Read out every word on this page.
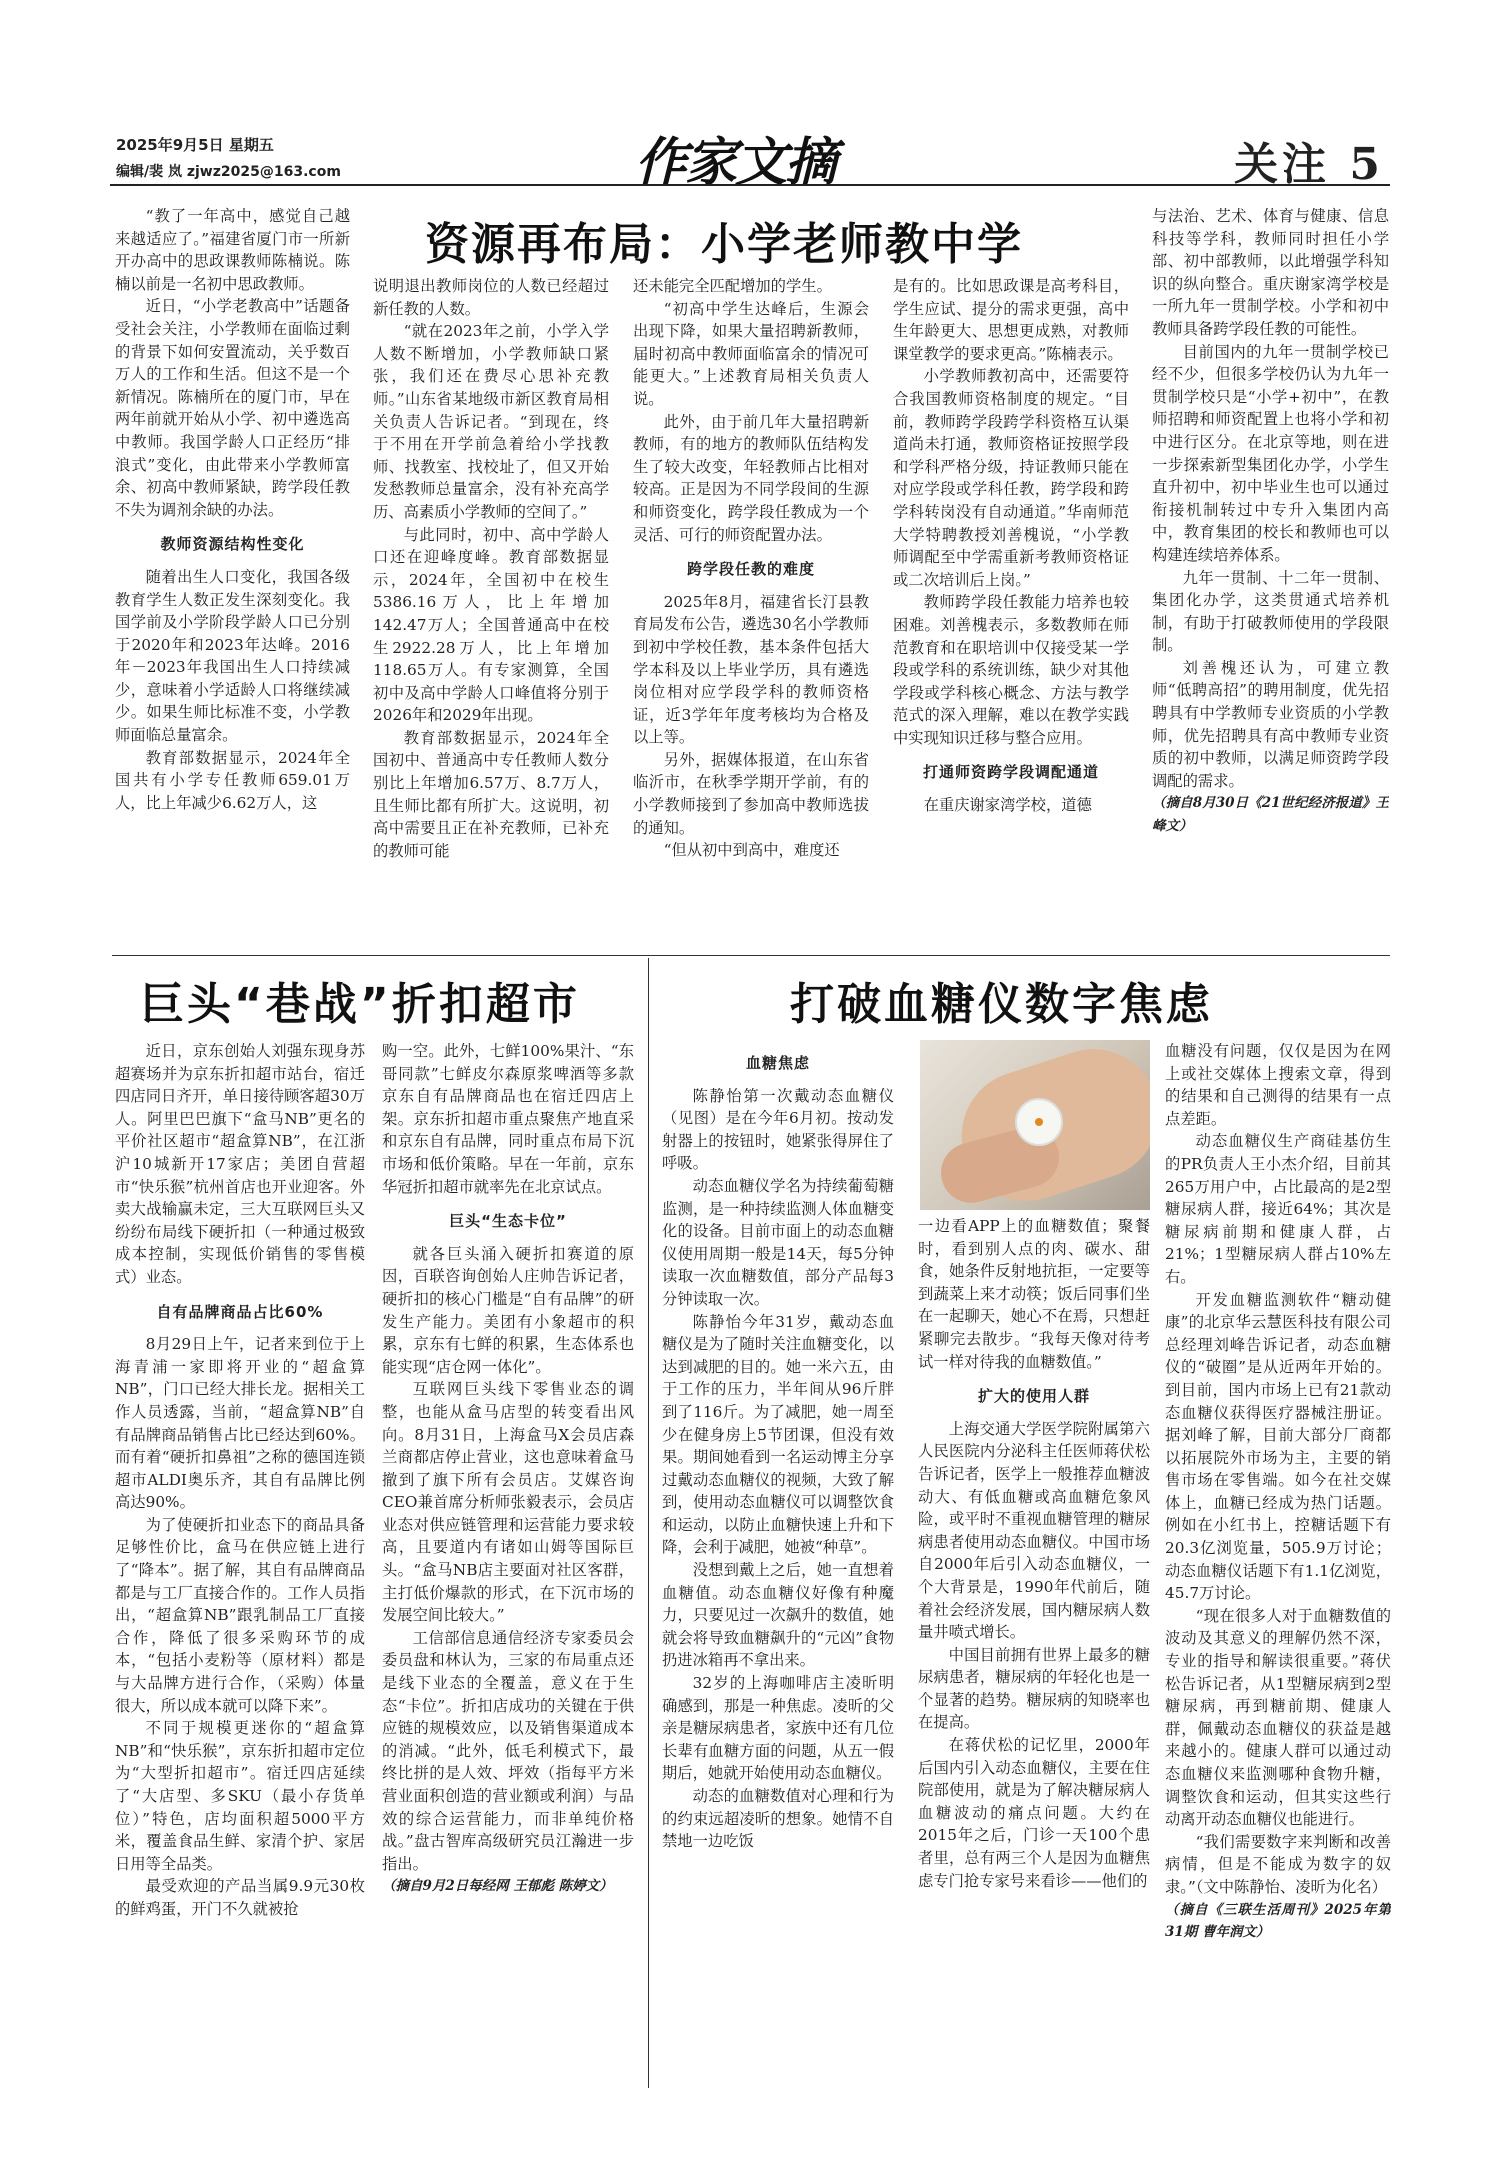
2025年9月5日 星期五
编辑/裴 岚 zjwz2025@163.com	作家文摘	关注 5
资源再布局：小学老师教中学

“教了一年高中，感觉自己越来越适应了。”福建省厦门市一所新开办高中的思政课教师陈楠说。陈楠以前是一名初中思政教师。

近日，“小学老教高中”话题备受社会关注，小学教师在面临过剩的背景下如何安置流动，关乎数百万人的工作和生活。但这不是一个新情况。陈楠所在的厦门市，早在两年前就开始从小学、初中遴选高中教师。我国学龄人口正经历“排浪式”变化，由此带来小学教师富余、初高中教师紧缺，跨学段任教不失为调剂余缺的办法。

教师资源结构性变化

随着出生人口变化，我国各级教育学生人数正发生深刻变化。我国学前及小学阶段学龄人口已分别于2020年和2023年达峰。2016年－2023年我国出生人口持续减少，意味着小学适龄人口将继续减少。如果生师比标准不变，小学教师面临总量富余。

教育部数据显示，2024年全国共有小学专任教师659.01万人，比上年减少6.62万人，这

说明退出教师岗位的人数已经超过新任教的人数。

“就在2023年之前，小学入学人数不断增加，小学教师缺口紧张，我们还在费尽心思补充教师。”山东省某地级市新区教育局相关负责人告诉记者。“到现在，终于不用在开学前急着给小学找教师、找教室、找校址了，但又开始发愁教师总量富余，没有补充高学历、高素质小学教师的空间了。”

与此同时，初中、高中学龄人口还在迎峰度峰。教育部数据显示，2024年，全国初中在校生5386.16万人，比上年增加142.47万人；全国普通高中在校生2922.28万人，比上年增加118.65万人。有专家测算，全国初中及高中学龄人口峰值将分别于2026年和2029年出现。

教育部数据显示，2024年全国初中、普通高中专任教师人数分别比上年增加6.57万、8.7万人，且生师比都有所扩大。这说明，初高中需要且正在补充教师，已补充的教师可能

还未能完全匹配增加的学生。

“初高中学生达峰后，生源会出现下降，如果大量招聘新教师，届时初高中教师面临富余的情况可能更大。”上述教育局相关负责人说。

此外，由于前几年大量招聘新教师，有的地方的教师队伍结构发生了较大改变，年轻教师占比相对较高。正是因为不同学段间的生源和师资变化，跨学段任教成为一个灵活、可行的师资配置办法。

跨学段任教的难度

2025年8月，福建省长汀县教育局发布公告，遴选30名小学教师到初中学校任教，基本条件包括大学本科及以上毕业学历，具有遴选岗位相对应学段学科的教师资格证，近3学年年度考核均为合格及以上等。

另外，据媒体报道，在山东省临沂市，在秋季学期开学前，有的小学教师接到了参加高中教师选拔的通知。

“但从初中到高中，难度还

是有的。比如思政课是高考科目，学生应试、提分的需求更强，高中生年龄更大、思想更成熟，对教师课堂教学的要求更高。”陈楠表示。

小学教师教初高中，还需要符合我国教师资格制度的规定。“目前，教师跨学段跨学科资格互认渠道尚未打通，教师资格证按照学段和学科严格分级，持证教师只能在对应学段或学科任教，跨学段和跨学科转岗没有自动通道。”华南师范大学特聘教授刘善槐说，“小学教师调配至中学需重新考教师资格证或二次培训后上岗。”

教师跨学段任教能力培养也较困难。刘善槐表示，多数教师在师范教育和在职培训中仅接受某一学段或学科的系统训练，缺少对其他学段或学科核心概念、方法与教学范式的深入理解，难以在教学实践中实现知识迁移与整合应用。

打通师资跨学段调配通道

在重庆谢家湾学校，道德

与法治、艺术、体育与健康、信息科技等学科，教师同时担任小学部、初中部教师，以此增强学科知识的纵向整合。重庆谢家湾学校是一所九年一贯制学校。小学和初中教师具备跨学段任教的可能性。

目前国内的九年一贯制学校已经不少，但很多学校仍认为九年一贯制学校只是“小学+初中”，在教师招聘和师资配置上也将小学和初中进行区分。在北京等地，则在进一步探索新型集团化办学，小学生直升初中，初中毕业生也可以通过衔接机制转过中专升入集团内高中，教育集团的校长和教师也可以构建连续培养体系。

九年一贯制、十二年一贯制、集团化办学，这类贯通式培养机制，有助于打破教师使用的学段限制。

刘善槐还认为，可建立教师“低聘高招”的聘用制度，优先招聘具有中学教师专业资质的小学教师，优先招聘具有高中教师专业资质的初中教师，以满足师资跨学段调配的需求。

（摘自8月30日《21世纪经济报道》王峰文）

巨头“巷战”折扣超市

近日，京东创始人刘强东现身苏超赛场并为京东折扣超市站台，宿迁四店同日齐开，单日接待顾客超30万人。阿里巴巴旗下“盒马NB”更名的平价社区超市“超盒算NB”，在江浙沪10城新开17家店；美团自营超市“快乐猴”杭州首店也开业迎客。外卖大战输赢未定，三大互联网巨头又纷纷布局线下硬折扣（一种通过极致成本控制，实现低价销售的零售模式）业态。

自有品牌商品占比60%

8月29日上午，记者来到位于上海青浦一家即将开业的“超盒算NB”，门口已经大排长龙。据相关工作人员透露，当前，“超盒算NB”自有品牌商品销售占比已经达到60%。而有着“硬折扣鼻祖”之称的德国连锁超市ALDI奥乐齐，其自有品牌比例高达90%。

为了使硬折扣业态下的商品具备足够性价比，盒马在供应链上进行了“降本”。据了解，其自有品牌商品都是与工厂直接合作的。工作人员指出，“超盒算NB”跟乳制品工厂直接合作，降低了很多采购环节的成本，“包括小麦粉等（原材料）都是与大品牌方进行合作，（采购）体量很大，所以成本就可以降下来”。

不同于规模更迷你的“超盒算NB”和“快乐猴”，京东折扣超市定位为“大型折扣超市”。宿迁四店延续了“大店型、多SKU（最小存货单位）”特色，店均面积超5000平方米，覆盖食品生鲜、家清个护、家居日用等全品类。

最受欢迎的产品当属9.9元30枚的鲜鸡蛋，开门不久就被抢

购一空。此外，七鲜100%果汁、“东哥同款”七鲜皮尔森原浆啤酒等多款京东自有品牌商品也在宿迁四店上架。京东折扣超市重点聚焦产地直采和京东自有品牌，同时重点布局下沉市场和低价策略。早在一年前，京东华冠折扣超市就率先在北京试点。

巨头“生态卡位”

就各巨头涌入硬折扣赛道的原因，百联咨询创始人庄帅告诉记者，硬折扣的核心门槛是“自有品牌”的研发生产能力。美团有小象超市的积累，京东有七鲜的积累，生态体系也能实现“店仓网一体化”。

互联网巨头线下零售业态的调整，也能从盒马店型的转变看出风向。8月31日，上海盒马X会员店森兰商都店停止营业，这也意味着盒马撤到了旗下所有会员店。艾媒咨询CEO兼首席分析师张毅表示，会员店业态对供应链管理和运营能力要求较高，且要道内有诸如山姆等国际巨头。“盒马NB店主要面对社区客群，主打低价爆款的形式，在下沉市场的发展空间比较大。”

工信部信息通信经济专家委员会委员盘和林认为，三家的布局重点还是线下业态的全覆盖，意义在于生态“卡位”。折扣店成功的关键在于供应链的规模效应，以及销售渠道成本的消减。“此外，低毛利模式下，最终比拼的是人效、坪效（指每平方米营业面积创造的营业额或利润）与品效的综合运营能力，而非单纯价格战。”盘古智库高级研究员江瀚进一步指出。

（摘自9月2日每经网 王郁彪 陈婷文）

打破血糖仪数字焦虑
血糖焦虑

陈静怡第一次戴动态血糖仪（见图）是在今年6月初。按动发射器上的按钮时，她紧张得屏住了呼吸。

动态血糖仪学名为持续葡萄糖监测，是一种持续监测人体血糖变化的设备。目前市面上的动态血糖仪使用周期一般是14天，每5分钟读取一次血糖数值，部分产品每3分钟读取一次。

陈静怡今年31岁，戴动态血糖仪是为了随时关注血糖变化，以达到减肥的目的。她一米六五，由于工作的压力，半年间从96斤胖到了116斤。为了减肥，她一周至少在健身房上5节团课，但没有效果。期间她看到一名运动博主分享过戴动态血糖仪的视频，大致了解到，使用动态血糖仪可以调整饮食和运动，以防止血糖快速上升和下降，会利于减肥，她被“种草”。

没想到戴上之后，她一直想着血糖值。动态血糖仪好像有种魔力，只要见过一次飙升的数值，她就会将导致血糖飙升的“元凶”食物扔进冰箱再不拿出来。

32岁的上海咖啡店主凌昕明确感到，那是一种焦虑。凌昕的父亲是糖尿病患者，家族中还有几位长辈有血糖方面的问题，从五一假期后，她就开始使用动态血糖仪。

动态的血糖数值对心理和行为的约束远超凌昕的想象。她情不自禁地一边吃饭

一边看APP上的血糖数值；聚餐时，看到别人点的肉、碳水、甜食，她条件反射地抗拒，一定要等到蔬菜上来才动筷；饭后同事们坐在一起聊天，她心不在焉，只想赶紧聊完去散步。“我每天像对待考试一样对待我的血糖数值。”

扩大的使用人群

上海交通大学医学院附属第六人民医院内分泌科主任医师蒋伏松告诉记者，医学上一般推荐血糖波动大、有低血糖或高血糖危象风险，或平时不重视血糖管理的糖尿病患者使用动态血糖仪。中国市场自2000年后引入动态血糖仪，一个大背景是，1990年代前后，随着社会经济发展，国内糖尿病人数量井喷式增长。

中国目前拥有世界上最多的糖尿病患者，糖尿病的年轻化也是一个显著的趋势。糖尿病的知晓率也在提高。

在蒋伏松的记忆里，2000年后国内引入动态血糖仪，主要在住院部使用，就是为了解决糖尿病人血糖波动的痛点问题。大约在2015年之后，门诊一天100个患者里，总有两三个人是因为血糖焦虑专门抢专家号来看诊——他们的

血糖没有问题，仅仅是因为在网上或社交媒体上搜索文章，得到的结果和自己测得的结果有一点点差距。

动态血糖仪生产商硅基仿生的PR负责人王小杰介绍，目前其265万用户中，占比最高的是2型糖尿病人群，接近64%；其次是糖尿病前期和健康人群，占21%；1型糖尿病人群占10%左右。

开发血糖监测软件“糖动健康”的北京华云慧医科技有限公司总经理刘峰告诉记者，动态血糖仪的“破圈”是从近两年开始的。到目前，国内市场上已有21款动态血糖仪获得医疗器械注册证。据刘峰了解，目前大部分厂商都以拓展院外市场为主，主要的销售市场在零售端。如今在社交媒体上，血糖已经成为热门话题。例如在小红书上，控糖话题下有20.3亿浏览量，505.9万讨论；动态血糖仪话题下有1.1亿浏览，45.7万讨论。

“现在很多人对于血糖数值的波动及其意义的理解仍然不深，专业的指导和解读很重要。”蒋伏松告诉记者，从1型糖尿病到2型糖尿病，再到糖前期、健康人群，佩戴动态血糖仪的获益是越来越小的。健康人群可以通过动态血糖仪来监测哪种食物升糖，调整饮食和运动，但其实这些行动离开动态血糖仪也能进行。

“我们需要数字来判断和改善病情，但是不能成为数字的奴隶。”（文中陈静怡、凌昕为化名）

（摘自《三联生活周刊》2025年第31期 曹年润文）
